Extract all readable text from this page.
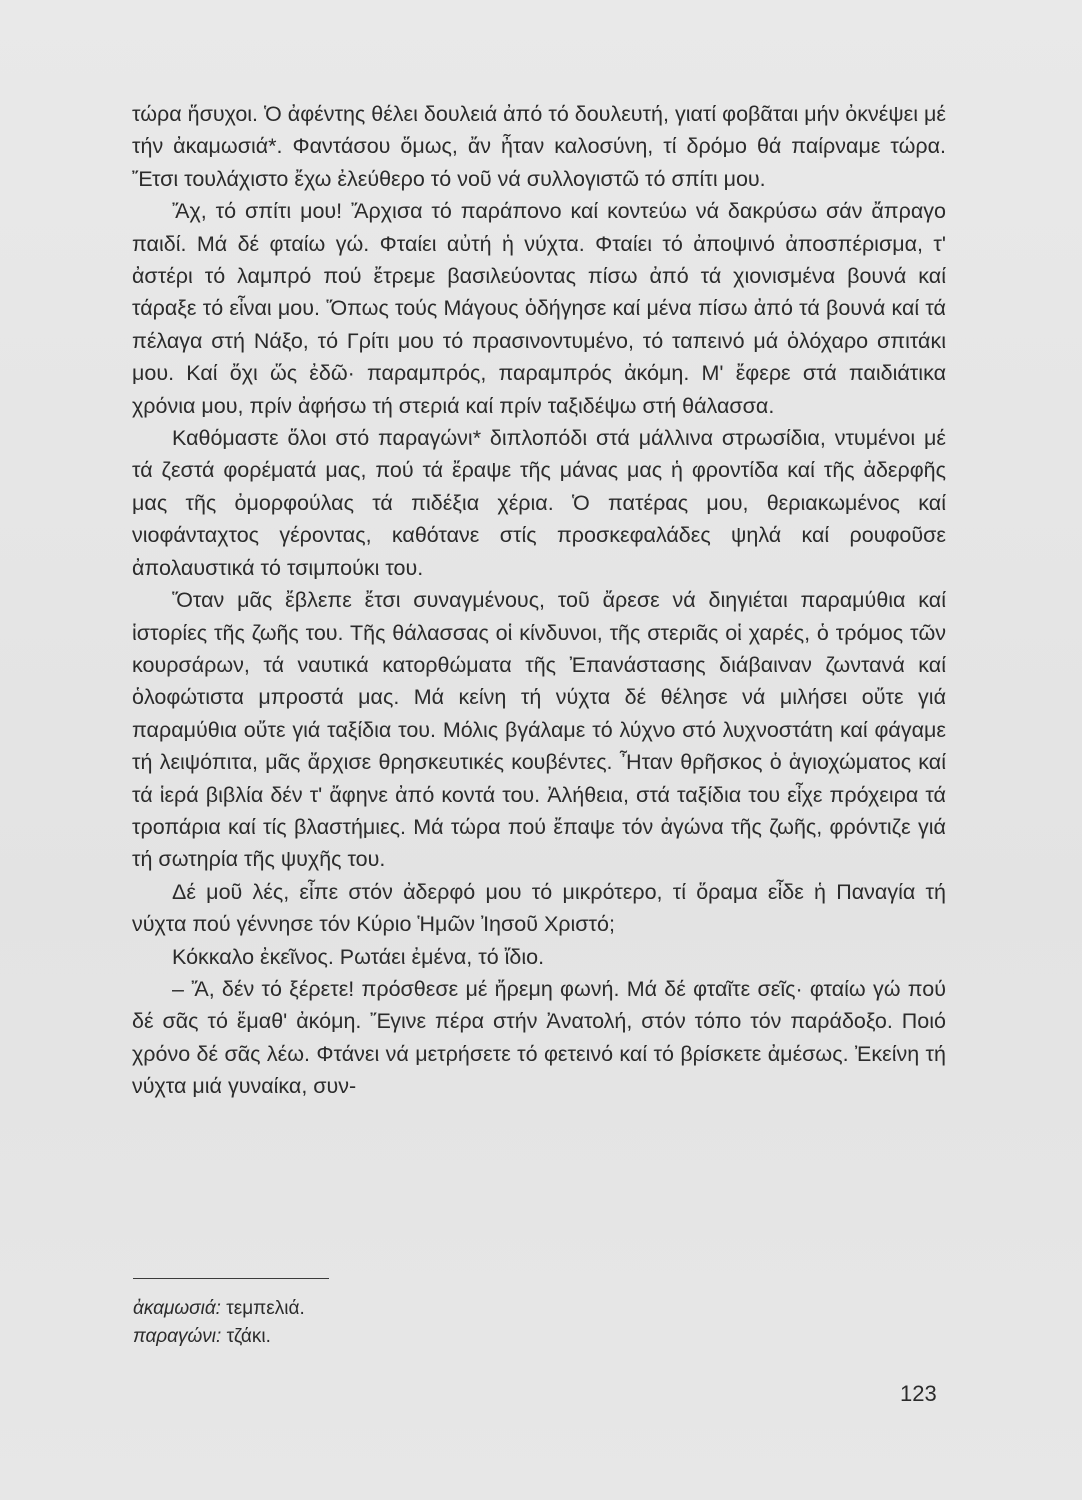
τώρα ἥσυχοι. Ὁ ἀφέντης θέλει δουλειά ἀπό τό δουλευτή, γιατί φοβᾶται μήν ὀκνέψει μέ τήν ἀκαμωσιά*. Φαντάσου ὅμως, ἄν ἦταν καλοσύνη, τί δρόμο θά παίρναμε τώρα. Ἔτσι τουλάχιστο ἔχω ἐλεύθερο τό νοῦ νά συλλογιστῶ τό σπίτι μου.

Ἄχ, τό σπίτι μου! Ἄρχισα τό παράπονο καί κοντεύω νά δακρύσω σάν ἄπραγο παιδί. Μά δέ φταίω γώ. Φταίει αὐτή ἡ νύχτα. Φταίει τό ἀποψινό ἀποσπέρισμα, τ' ἀστέρι τό λαμπρό πού ἔτρεμε βασιλεύοντας πίσω ἀπό τά χιονισμένα βουνά καί τάραξε τό εἶναι μου. Ὅπως τούς Μάγους ὁδήγησε καί μένα πίσω ἀπό τά βουνά καί τά πέλαγα στή Νάξο, τό Γρίτι μου τό πρασινοντυμένο, τό ταπεινό μά ὁλόχαρο σπιτάκι μου. Καί ὄχι ὥς ἐδῶ· παραμπρός, παραμπρός ἀκόμη. Μ' ἔφερε στά παιδιάτικα χρόνια μου, πρίν ἀφήσω τή στεριά καί πρίν ταξιδέψω στή θάλασσα.

Καθόμαστε ὅλοι στό παραγώνι* διπλοπόδι στά μάλλινα στρωσίδια, ντυμένοι μέ τά ζεστά φορέματά μας, πού τά ἔραψε τῆς μάνας μας ἡ φροντίδα καί τῆς ἀδερφῆς μας τῆς ὀμορφούλας τά πιδέξια χέρια. Ὁ πατέρας μου, θεριακωμένος καί νιοφάνταχτος γέροντας, καθότανε στίς προσκεφαλάδες ψηλά καί ρουφοῦσε ἀπολαυστικά τό τσιμπούκι του.

Ὅταν μᾶς ἔβλεπε ἔτσι συναγμένους, τοῦ ἄρεσε νά διηγιέται παραμύθια καί ἱστορίες τῆς ζωῆς του. Τῆς θάλασσας οἱ κίνδυνοι, τῆς στεριᾶς οἱ χαρές, ὁ τρόμος τῶν κουρσάρων, τά ναυτικά κατορθώματα τῆς Ἐπανάστασης διάβαιναν ζωντανά καί ὁλοφώτιστα μπροστά μας. Μά κείνη τή νύχτα δέ θέλησε νά μιλήσει οὔτε γιά παραμύθια οὔτε γιά ταξίδια του. Μόλις βγάλαμε τό λύχνο στό λυχνοστάτη καί φάγαμε τή λειψόπιτα, μᾶς ἄρχισε θρησκευτικές κουβέντες. Ἦταν θρῆσκος ὁ ἁγιοχώματος καί τά ἱερά βιβλία δέν τ' ἄφηνε ἀπό κοντά του. Ἀλήθεια, στά ταξίδια του εἶχε πρόχειρα τά τροπάρια καί τίς βλαστήμιες. Μά τώρα πού ἔπαψε τόν ἀγώνα τῆς ζωῆς, φρόντιζε γιά τή σωτηρία τῆς ψυχῆς του.

Δέ μοῦ λές, εἶπε στόν ἀδερφό μου τό μικρότερο, τί ὅραμα εἶδε ἡ Παναγία τή νύχτα πού γέννησε τόν Κύριο Ἡμῶν Ἰησοῦ Χριστό;

Κόκκαλο ἐκεῖνος. Ρωτάει ἐμένα, τό ἴδιο.

– Ἄ, δέν τό ξέρετε! πρόσθεσε μέ ἤρεμη φωνή. Μά δέ φταῖτε σεῖς· φταίω γώ πού δέ σᾶς τό ἔμαθ' ἀκόμη. Ἔγινε πέρα στήν Ἀνατολή, στόν τόπο τόν παράδοξο. Ποιό χρόνο δέ σᾶς λέω. Φτάνει νά μετρήσετε τό φετεινό καί τό βρίσκετε ἀμέσως. Ἐκείνη τή νύχτα μιά γυναίκα, συν-

ἀκαμωσιά: τεμπελιά.
παραγώνι: τζάκι.
123
